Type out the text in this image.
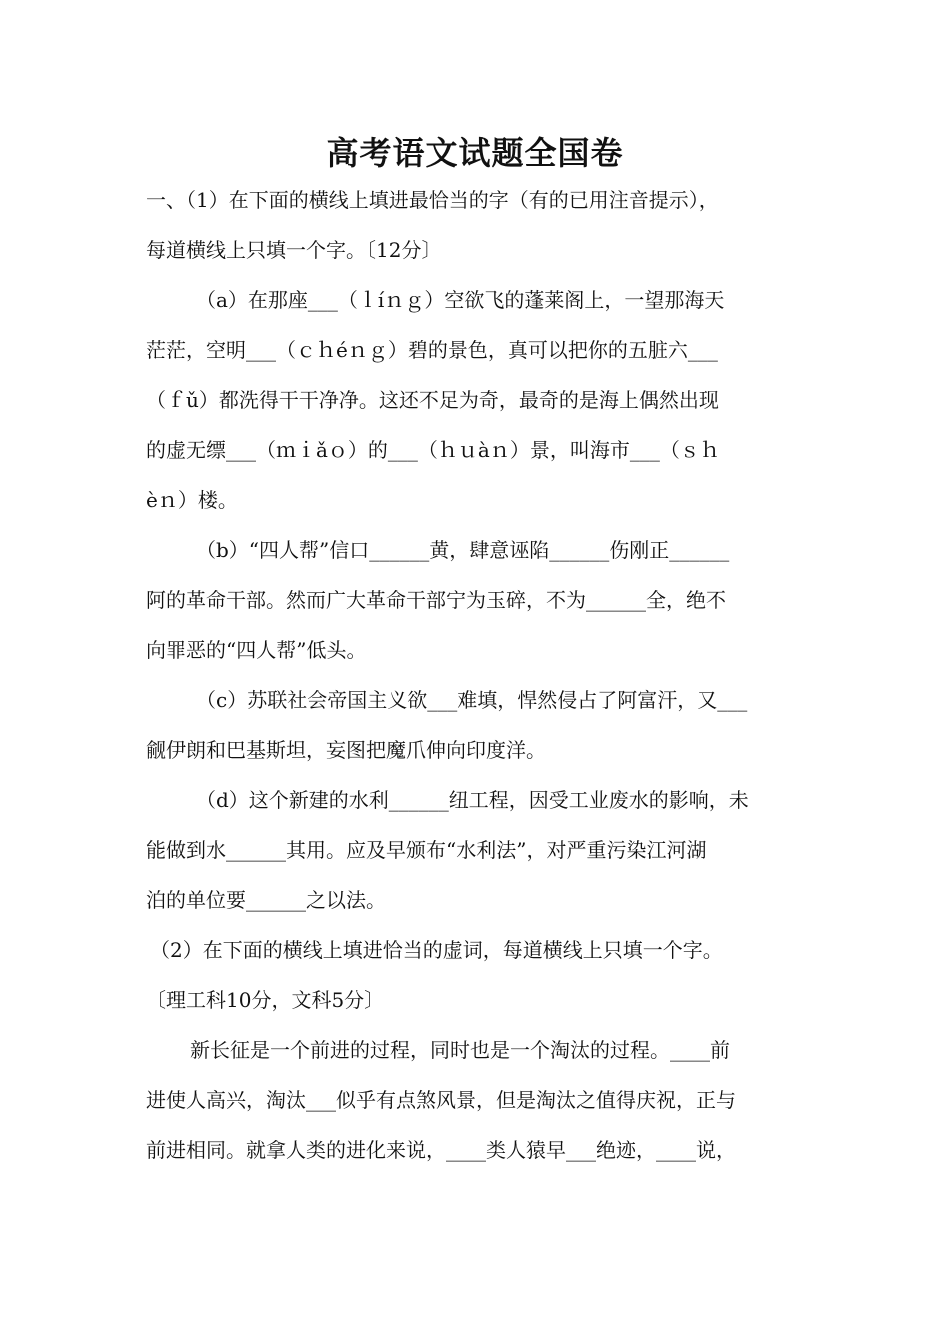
高考语文试题全国卷
一、（1）在下面的横线上填进最恰当的字（有的已用注音提示），
每道横线上只填一个字。〔12分〕
（a）在那座___（ｌíｎｇ）空欲飞的蓬莱阁上，一望那海天
茫茫，空明___（ｃｈéｎｇ）碧的景色，真可以把你的五脏六___
（ｆǔ）都洗得干干净净。这还不足为奇，最奇的是海上偶然出现
的虚无缥___（ｍｉǎｏ）的___（ｈｕàｎ）景，叫海市___（ｓｈ
èｎ）楼。
（b）“四人帮”信口______黄，肆意诬陷______伤刚正______
阿的革命干部。然而广大革命干部宁为玉碎，不为______全，绝不
向罪恶的“四人帮”低头。
（c）苏联社会帝国主义欲___难填，悍然侵占了阿富汗，又___
觎伊朗和巴基斯坦，妄图把魔爪伸向印度洋。
（d）这个新建的水利______纽工程，因受工业废水的影响，未
能做到水______其用。应及早颁布“水利法”，对严重污染江河湖
泊的单位要______之以法。
（2）在下面的横线上填进恰当的虚词，每道横线上只填一个字。
〔理工科10分，文科5分〕
新长征是一个前进的过程，同时也是一个淘汰的过程。____前
进使人高兴，淘汰___似乎有点煞风景，但是淘汰之值得庆祝，正与
前进相同。就拿人类的进化来说，____类人猿早___绝迹，____说，
